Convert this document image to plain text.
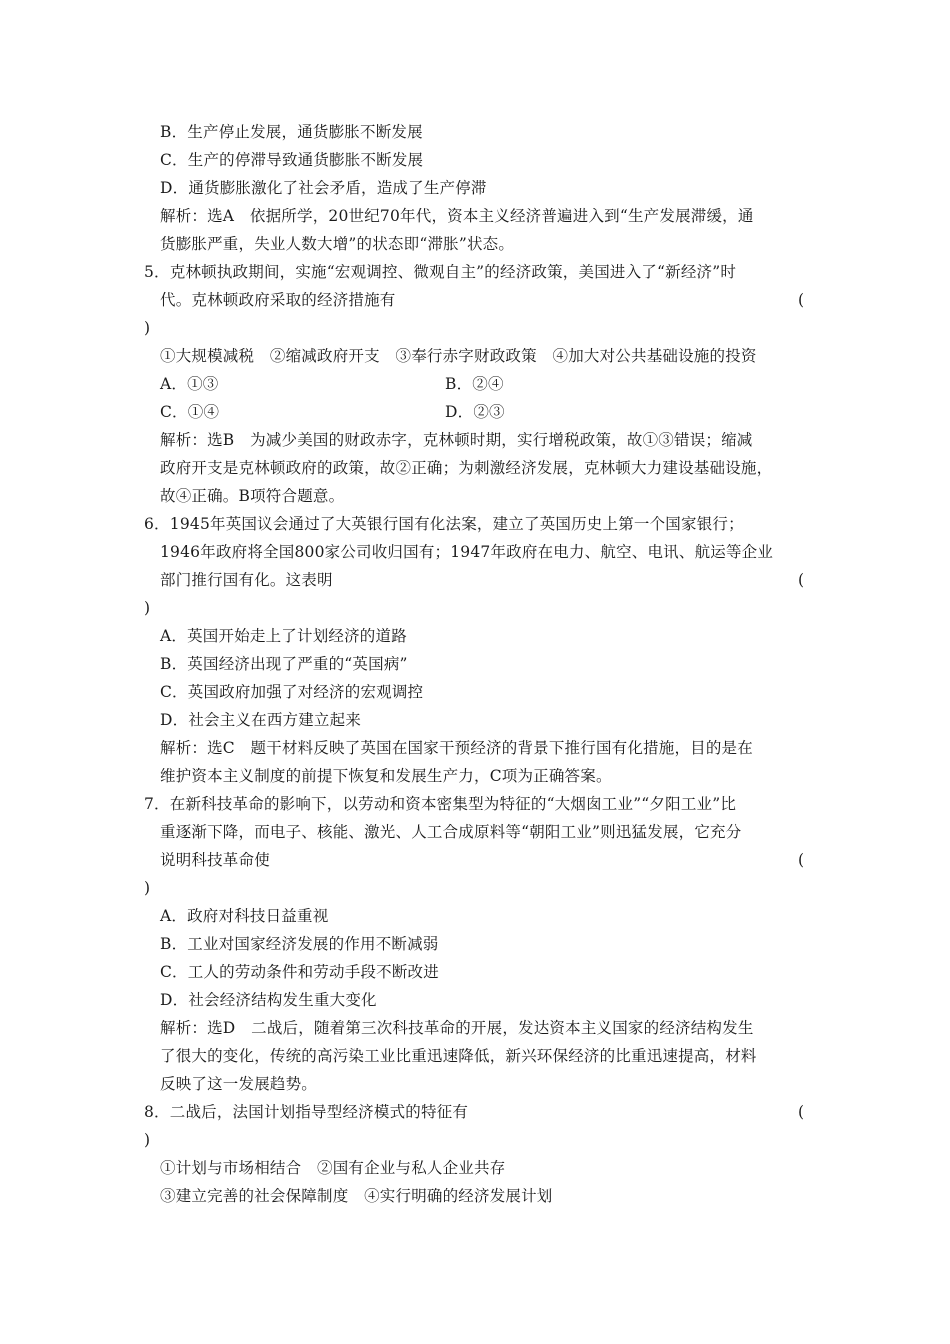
B．生产停止发展，通货膨胀不断发展
C．生产的停滞导致通货膨胀不断发展
D．通货膨胀激化了社会矛盾，造成了生产停滞
解析：选A　依据所学，20世纪70年代，资本主义经济普遍进入到“生产发展滞缓，通
货膨胀严重，失业人数大增”的状态即“滞胀”状态。
5．克林顿执政期间，实施“宏观调控、微观自主”的经济政策，美国进入了“新经济”时
代。克林顿政府采取的经济措施有	(
)
①大规模减税　②缩减政府开支　③奉行赤字财政政策　④加大对公共基础设施的投资
A．①③	B．②④
C．①④	D．②③
解析：选B　为减少美国的财政赤字，克林顿时期，实行增税政策，故①③错误；缩减
政府开支是克林顿政府的政策，故②正确；为刺激经济发展，克林顿大力建设基础设施，
故④正确。B项符合题意。
6．1945年英国议会通过了大英银行国有化法案，建立了英国历史上第一个国家银行；
1946年政府将全国800家公司收归国有；1947年政府在电力、航空、电讯、航运等企业
部门推行国有化。这表明	(
)
A．英国开始走上了计划经济的道路
B．英国经济出现了严重的“英国病”
C．英国政府加强了对经济的宏观调控
D．社会主义在西方建立起来
解析：选C　题干材料反映了英国在国家干预经济的背景下推行国有化措施，目的是在
维护资本主义制度的前提下恢复和发展生产力，C项为正确答案。
7．在新科技革命的影响下，以劳动和资本密集型为特征的“大烟囱工业”“夕阳工业”比
重逐渐下降，而电子、核能、激光、人工合成原料等“朝阳工业”则迅猛发展，它充分
说明科技革命使	(
)
A．政府对科技日益重视
B．工业对国家经济发展的作用不断减弱
C．工人的劳动条件和劳动手段不断改进
D．社会经济结构发生重大变化
解析：选D　二战后，随着第三次科技革命的开展，发达资本主义国家的经济结构发生
了很大的变化，传统的高污染工业比重迅速降低，新兴环保经济的比重迅速提高，材料
反映了这一发展趋势。
8．二战后，法国计划指导型经济模式的特征有	(
)
①计划与市场相结合　②国有企业与私人企业共存
③建立完善的社会保障制度　④实行明确的经济发展计划
